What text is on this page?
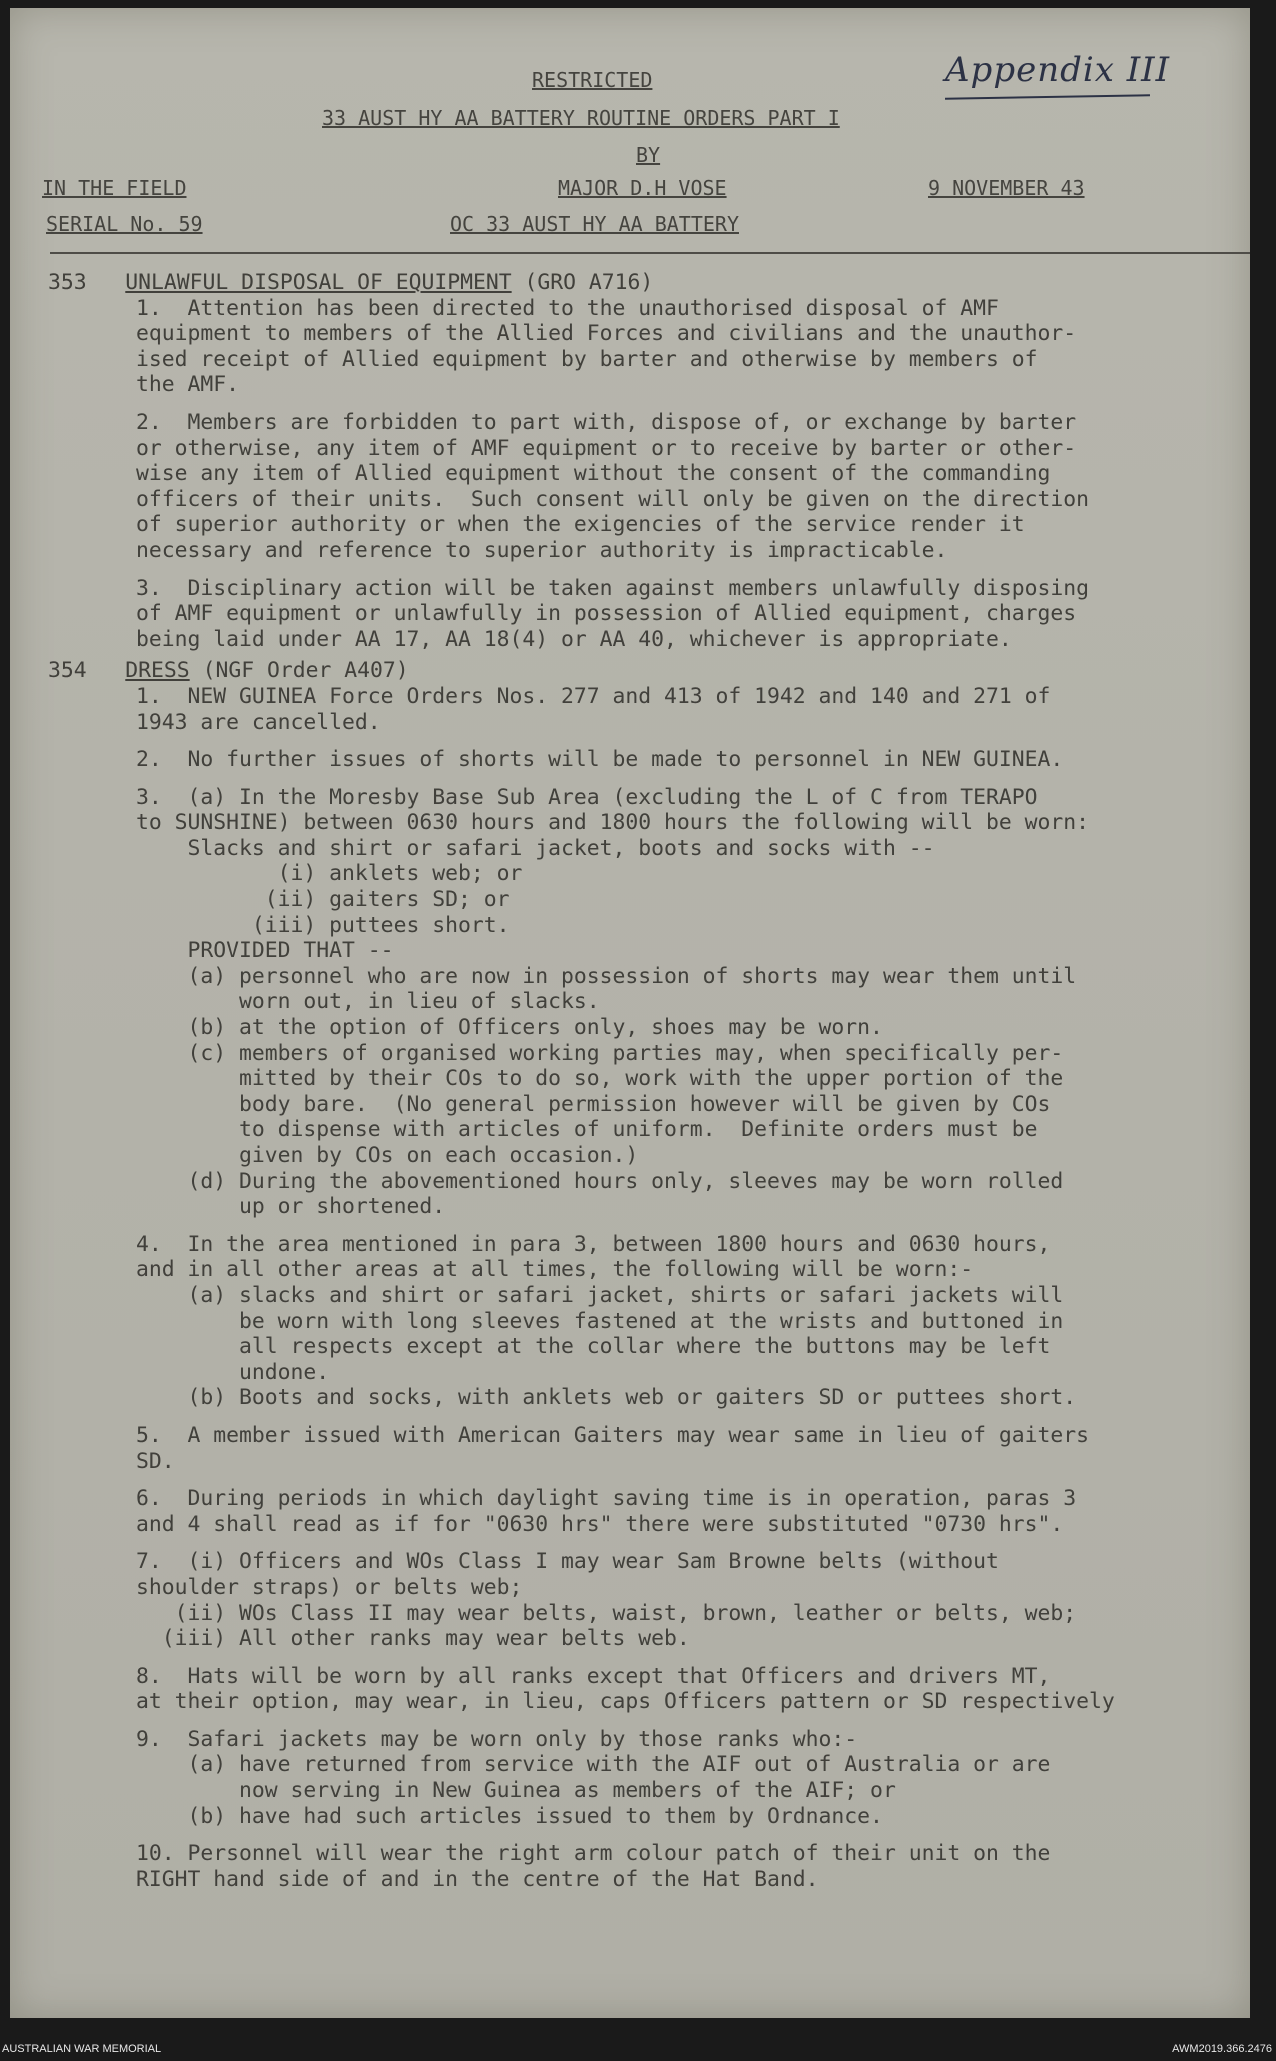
Appendix III
RESTRICTED
33 AUST HY AA BATTERY ROUTINE ORDERS PART I
BY
IN THE FIELD	MAJOR D.H VOSE	9 NOVEMBER 43
SERIAL No. 59	OC 33 AUST HY AA BATTERY
353 UNLAWFUL DISPOSAL OF EQUIPMENT (GRO A716)
1.  Attention has been directed to the unauthorised disposal of AMF
equipment to members of the Allied Forces and civilians and the unauthor-
ised receipt of Allied equipment by barter and otherwise by members of
the AMF.
2.  Members are forbidden to part with, dispose of, or exchange by barter
or otherwise, any item of AMF equipment or to receive by barter or other-
wise any item of Allied equipment without the consent of the commanding
officers of their units.  Such consent will only be given on the direction
of superior authority or when the exigencies of the service render it
necessary and reference to superior authority is impracticable.
3.  Disciplinary action will be taken against members unlawfully disposing
of AMF equipment or unlawfully in possession of Allied equipment, charges
being laid under AA 17, AA 18(4) or AA 40, whichever is appropriate.
354 DRESS (NGF Order A407)
1.  NEW GUINEA Force Orders Nos. 277 and 413 of 1942 and 140 and 271 of
1943 are cancelled.
2.  No further issues of shorts will be made to personnel in NEW GUINEA.
3.  (a) In the Moresby Base Sub Area (excluding the L of C from TERAPO
to SUNSHINE) between 0630 hours and 1800 hours the following will be worn:
Slacks and shirt or safari jacket, boots and socks with --
(i) anklets web; or
(ii) gaiters SD; or
(iii) puttees short.
PROVIDED THAT --
(a) personnel who are now in possession of shorts may wear them until
worn out, in lieu of slacks.
(b) at the option of Officers only, shoes may be worn.
(c) members of organised working parties may, when specifically per-
mitted by their COs to do so, work with the upper portion of the
body bare.  (No general permission however will be given by COs
to dispense with articles of uniform.  Definite orders must be
given by COs on each occasion.)
(d) During the abovementioned hours only, sleeves may be worn rolled
up or shortened.
4.  In the area mentioned in para 3, between 1800 hours and 0630 hours,
and in all other areas at all times, the following will be worn:-
(a) slacks and shirt or safari jacket, shirts or safari jackets will
be worn with long sleeves fastened at the wrists and buttoned in
all respects except at the collar where the buttons may be left
undone.
(b) Boots and socks, with anklets web or gaiters SD or puttees short.
5.  A member issued with American Gaiters may wear same in lieu of gaiters
SD.
6.  During periods in which daylight saving time is in operation, paras 3
and 4 shall read as if for "0630 hrs" there were substituted "0730 hrs".
7.  (i) Officers and WOs Class I may wear Sam Browne belts (without
shoulder straps) or belts web;
(ii) WOs Class II may wear belts, waist, brown, leather or belts, web;
(iii) All other ranks may wear belts web.
8.  Hats will be worn by all ranks except that Officers and drivers MT,
at their option, may wear, in lieu, caps Officers pattern or SD respectively
9.  Safari jackets may be worn only by those ranks who:-
(a) have returned from service with the AIF out of Australia or are
now serving in New Guinea as members of the AIF; or
(b) have had such articles issued to them by Ordnance.
10. Personnel will wear the right arm colour patch of their unit on the
RIGHT hand side of and in the centre of the Hat Band.
AUSTRALIAN WAR MEMORIAL	AWM2019.366.2476
